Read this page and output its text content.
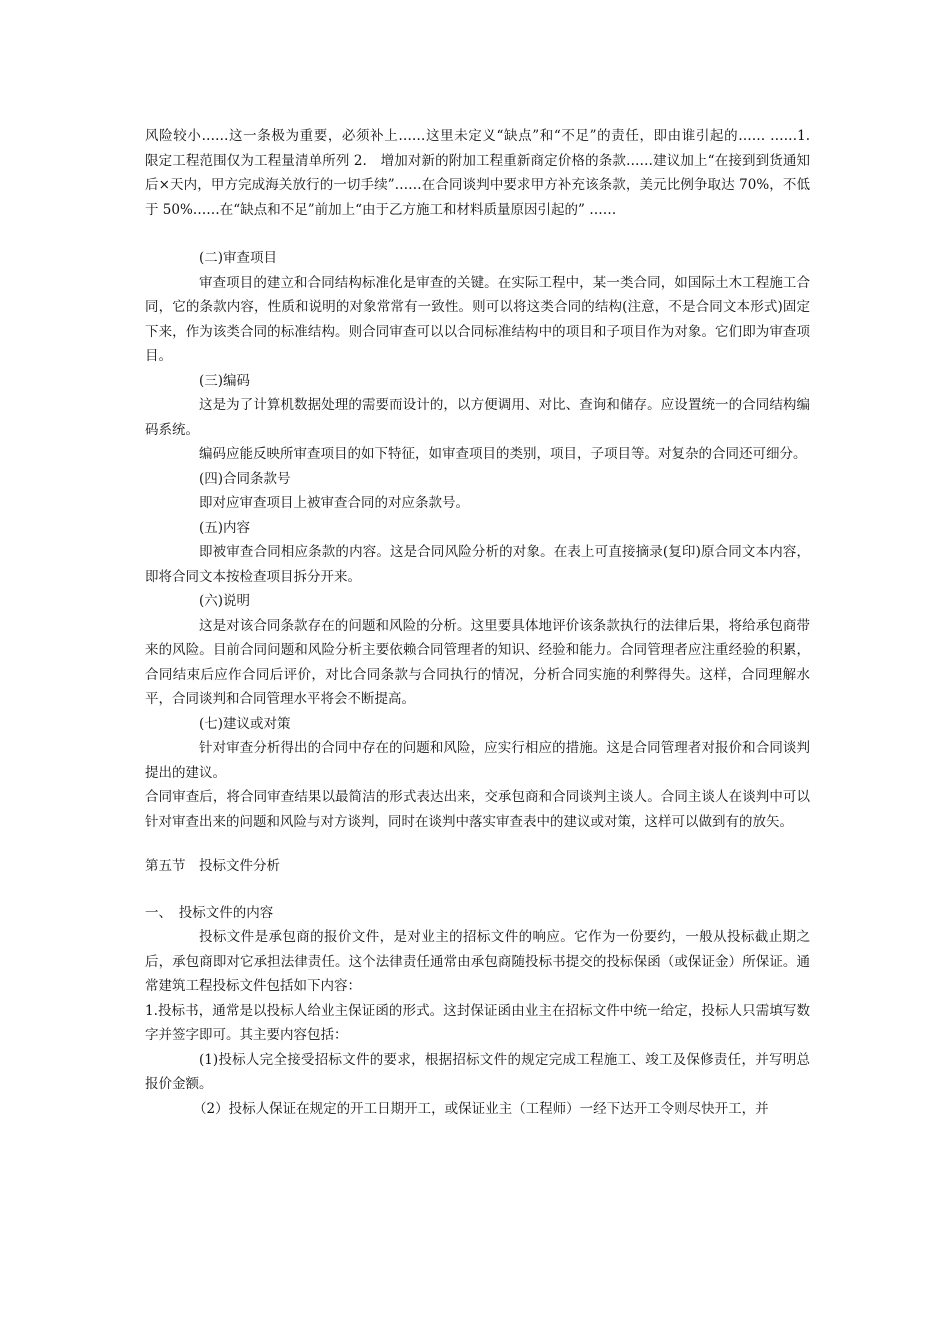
风险较小……这一条极为重要，必须补上……这里未定义“缺点”和“不足”的责任，即由谁引起的…… ……1.　限定工程范围仅为工程量清单所列 2.　增加对新的附加工程重新商定价格的条款……建议加上“在接到到货通知后×天内，甲方完成海关放行的一切手续”……在合同谈判中要求甲方补充该条款，美元比例争取达 70%，不低于 50%……在“缺点和不足”前加上“由于乙方施工和材料质量原因引起的” ……

(二)审查项目

审查项目的建立和合同结构标准化是审查的关键。在实际工程中，某一类合同，如国际土木工程施工合同，它的条款内容，性质和说明的对象常常有一致性。则可以将这类合同的结构(注意，不是合同文本形式)固定下来，作为该类合同的标准结构。则合同审查可以以合同标准结构中的项目和子项目作为对象。它们即为审查项目。

(三)编码

这是为了计算机数据处理的需要而设计的，以方便调用、对比、查询和储存。应设置统一的合同结构编码系统。

编码应能反映所审查项目的如下特征，如审查项目的类别，项目，子项目等。对复杂的合同还可细分。

(四)合同条款号

即对应审查项目上被审查合同的对应条款号。

(五)内容

即被审查合同相应条款的内容。这是合同风险分析的对象。在表上可直接摘录(复印)原合同文本内容，即将合同文本按检查项目拆分开来。

(六)说明

这是对该合同条款存在的问题和风险的分析。这里要具体地评价该条款执行的法律后果，将给承包商带来的风险。目前合同问题和风险分析主要依赖合同管理者的知识、经验和能力。合同管理者应注重经验的积累，合同结束后应作合同后评价，对比合同条款与合同执行的情况，分析合同实施的利弊得失。这样，合同理解水平，合同谈判和合同管理水平将会不断提高。

(七)建议或对策

针对审查分析得出的合同中存在的问题和风险，应实行相应的措施。这是合同管理者对报价和合同谈判提出的建议。

合同审查后，将合同审查结果以最简洁的形式表达出来，交承包商和合同谈判主谈人。合同主谈人在谈判中可以针对审查出来的问题和风险与对方谈判，同时在谈判中落实审查表中的建议或对策，这样可以做到有的放矢。

第五节　投标文件分析

一、　投标文件的内容

投标文件是承包商的报价文件，是对业主的招标文件的响应。它作为一份要约，一般从投标截止期之后，承包商即对它承担法律责任。这个法律责任通常由承包商随投标书提交的投标保函（或保证金）所保证。通常建筑工程投标文件包括如下内容：

1.投标书，通常是以投标人给业主保证函的形式。这封保证函由业主在招标文件中统一给定，投标人只需填写数字并签字即可。其主要内容包括：

(1)投标人完全接受招标文件的要求，根据招标文件的规定完成工程施工、竣工及保修责任，并写明总报价金额。

（2）投标人保证在规定的开工日期开工，或保证业主（工程师）一经下达开工令则尽快开工，并
